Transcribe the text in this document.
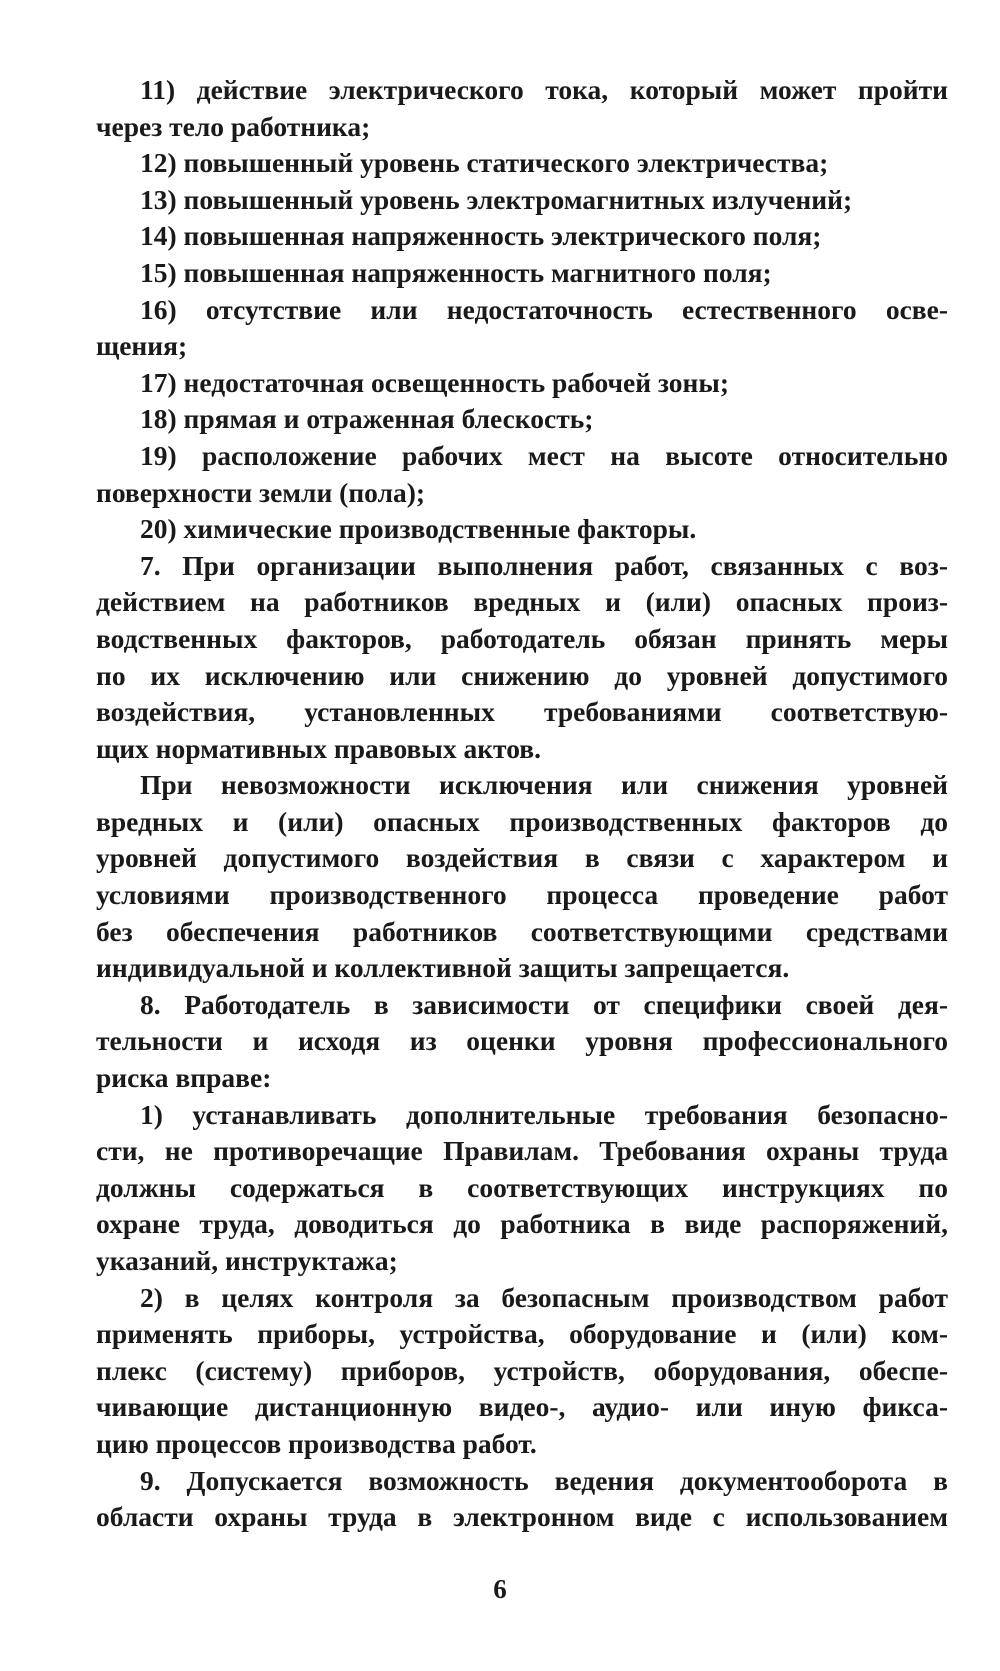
11) действие электрического тока, который может пройти
через тело работника;
12) повышенный уровень статического электричества;
13) повышенный уровень электромагнитных излучений;
14) повышенная напряженность электрического поля;
15) повышенная напряженность магнитного поля;
16) отсутствие или недостаточность естественного осве-
щения;
17) недостаточная освещенность рабочей зоны;
18) прямая и отраженная блескость;
19) расположение рабочих мест на высоте относительно
поверхности земли (пола);
20) химические производственные факторы.
7. При организации выполнения работ, связанных с воз-
действием на работников вредных и (или) опасных произ-
водственных факторов, работодатель обязан принять меры
по их исключению или снижению до уровней допустимого
воздействия, установленных требованиями соответствую-
щих нормативных правовых актов.
При невозможности исключения или снижения уровней
вредных и (или) опасных производственных факторов до
уровней допустимого воздействия в связи с характером и
условиями производственного процесса проведение работ
без обеспечения работников соответствующими средствами
индивидуальной и коллективной защиты запрещается.
8. Работодатель в зависимости от специфики своей дея-
тельности и исходя из оценки уровня профессионального
риска вправе:
1) устанавливать дополнительные требования безопасно-
сти, не противоречащие Правилам. Требования охраны труда
должны содержаться в соответствующих инструкциях по
охране труда, доводиться до работника в виде распоряжений,
указаний, инструктажа;
2) в целях контроля за безопасным производством работ
применять приборы, устройства, оборудование и (или) ком-
плекс (систему) приборов, устройств, оборудования, обеспе-
чивающие дистанционную видео-, аудио- или иную фикса-
цию процессов производства работ.
9. Допускается возможность ведения документооборота в
области охраны труда в электронном виде с использованием
6
